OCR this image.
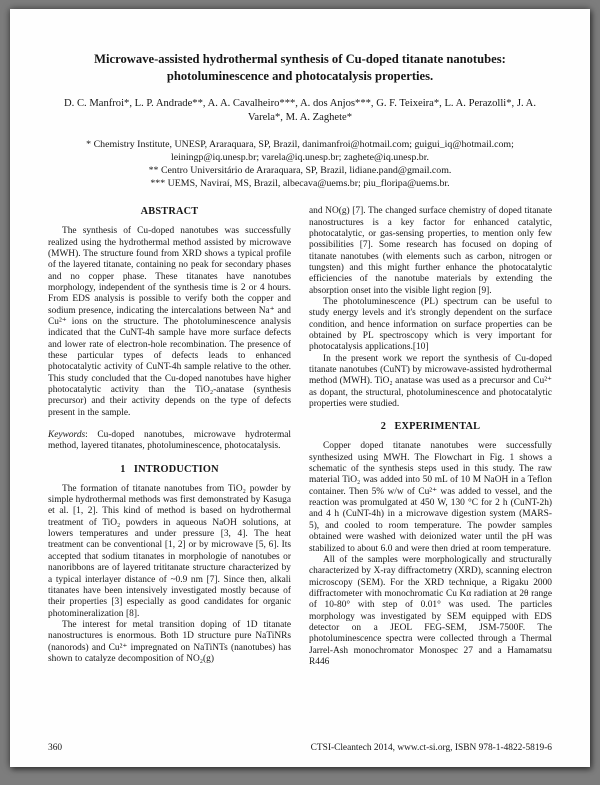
Microwave-assisted hydrothermal synthesis of Cu-doped titanate nanotubes: photoluminescence and photocatalysis properties.

D. C. Manfroi*, L. P. Andrade**, A. A. Cavalheiro***, A. dos Anjos***, G. F. Teixeira*, L. A. Perazolli*, J. A. Varela*, M. A. Zaghete*

* Chemistry Institute, UNESP, Araraquara, SP, Brazil, danimanfroi@hotmail.com; guigui_iq@hotmail.com; leiningp@iq.unesp.br; varela@iq.unesp.br; zaghete@iq.unesp.br.

** Centro Universitário de Araraquara, SP, Brazil, lidiane.pand@gmail.com.

*** UEMS, Naviraí, MS, Brazil, albecava@uems.br; piu_floripa@uems.br.

ABSTRACT

The synthesis of Cu-doped nanotubes was successfully realized using the hydrothermal method assisted by microwave (MWH). The structure found from XRD shows a typical profile of the layered titanate, containing no peak for secondary phases and no copper phase. These titanates have nanotubes morphology, independent of the synthesis time is 2 or 4 hours. From EDS analysis is possible to verify both the copper and sodium presence, indicating the intercalations between Na⁺ and Cu²⁺ ions on the structure. The photoluminescence analysis indicated that the CuNT-4h sample have more surface defects and lower rate of electron-hole recombination. The presence of these particular types of defects leads to enhanced photocatalytic activity of CuNT-4h sample relative to the other. This study concluded that the Cu-doped nanotubes have higher photocatalytic activity than the TiO₂-anatase (synthesis precursor) and their activity depends on the type of defects present in the sample.

Keywords: Cu-doped nanotubes, microwave hydrotermal method, layered titanates, photoluminescence, photocatalysis.

1   INTRODUCTION

The formation of titanate nanotubes from TiO₂ powder by simple hydrothermal methods was first demonstrated by Kasuga et al. [1, 2]. This kind of method is based on hydrothermal treatment of TiO₂ powders in aqueous NaOH solutions, at lowers temperatures and under pressure [3, 4]. The heat treatment can be conventional [1, 2] or by microwave [5, 6]. Its accepted that sodium titanates in morphologie of nanotubes or nanoribbons are of layered trititanate structure characterized by a typical interlayer distance of ~0.9 nm [7]. Since then, alkali titanates have been intensively investigated mostly because of their properties [3] especially as good candidates for organic photomineralization [8].

The interest for metal transition doping of 1D titanate nanostructures is enormous. Both 1D structure pure NaTiNRs (nanorods) and Cu²⁺ impregnated on NaTiNTs (nanotubes) has shown to catalyze decomposition of NO₂(g)

and NO(g) [7]. The changed surface chemistry of doped titanate nanostructures is a key factor for enhanced catalytic, photocatalytic, or gas-sensing properties, to mention only few possibilities [7]. Some research has focused on doping of titanate nanotubes (with elements such as carbon, nitrogen or tungsten) and this might further enhance the photocatalytic efficiencies of the nanotube materials by extending the absorption onset into the visible light region [9].

The photoluminescence (PL) spectrum can be useful to study energy levels and it's strongly dependent on the surface condition, and hence information on surface properties can be obtained by PL spectroscopy which is very important for photocatalysis applications.[10]

In the present work we report the synthesis of Cu-doped titanate nanotubes (CuNT) by microwave-assisted hydrothermal method (MWH). TiO₂ anatase was used as a precursor and Cu²⁺ as dopant, the structural, photoluminescence and photocatalytic properties were studied.

2   EXPERIMENTAL

Copper doped titanate nanotubes were successfully synthesized using MWH. The Flowchart in Fig. 1 shows a schematic of the synthesis steps used in this study. The raw material TiO₂ was added into 50 mL of 10 M NaOH in a Teflon container. Then 5% w/w of Cu²⁺ was added to vessel, and the reaction was promulgated at 450 W, 130 °C for 2 h (CuNT-2h) and 4 h (CuNT-4h) in a microwave digestion system (MARS-5), and cooled to room temperature. The powder samples obtained were washed with deionized water until the pH was stabilized to about 6.0 and were then dried at room temperature.

All of the samples were morphologically and structurally characterized by X-ray diffractometry (XRD), scanning electron microscopy (SEM). For the XRD technique, a Rigaku 2000 diffractometer with monochromatic Cu Kα radiation at 2θ range of 10-80° with step of 0.01° was used. The particles morphology was investigated by SEM equipped with EDS detector on a JEOL FEG-SEM, JSM-7500F. The photoluminescence spectra were collected through a Thermal Jarrel-Ash monochromator Monospec 27 and a Hamamatsu R446

360	CTSI-Cleantech 2014, www.ct-si.org, ISBN 978-1-4822-5819-6
